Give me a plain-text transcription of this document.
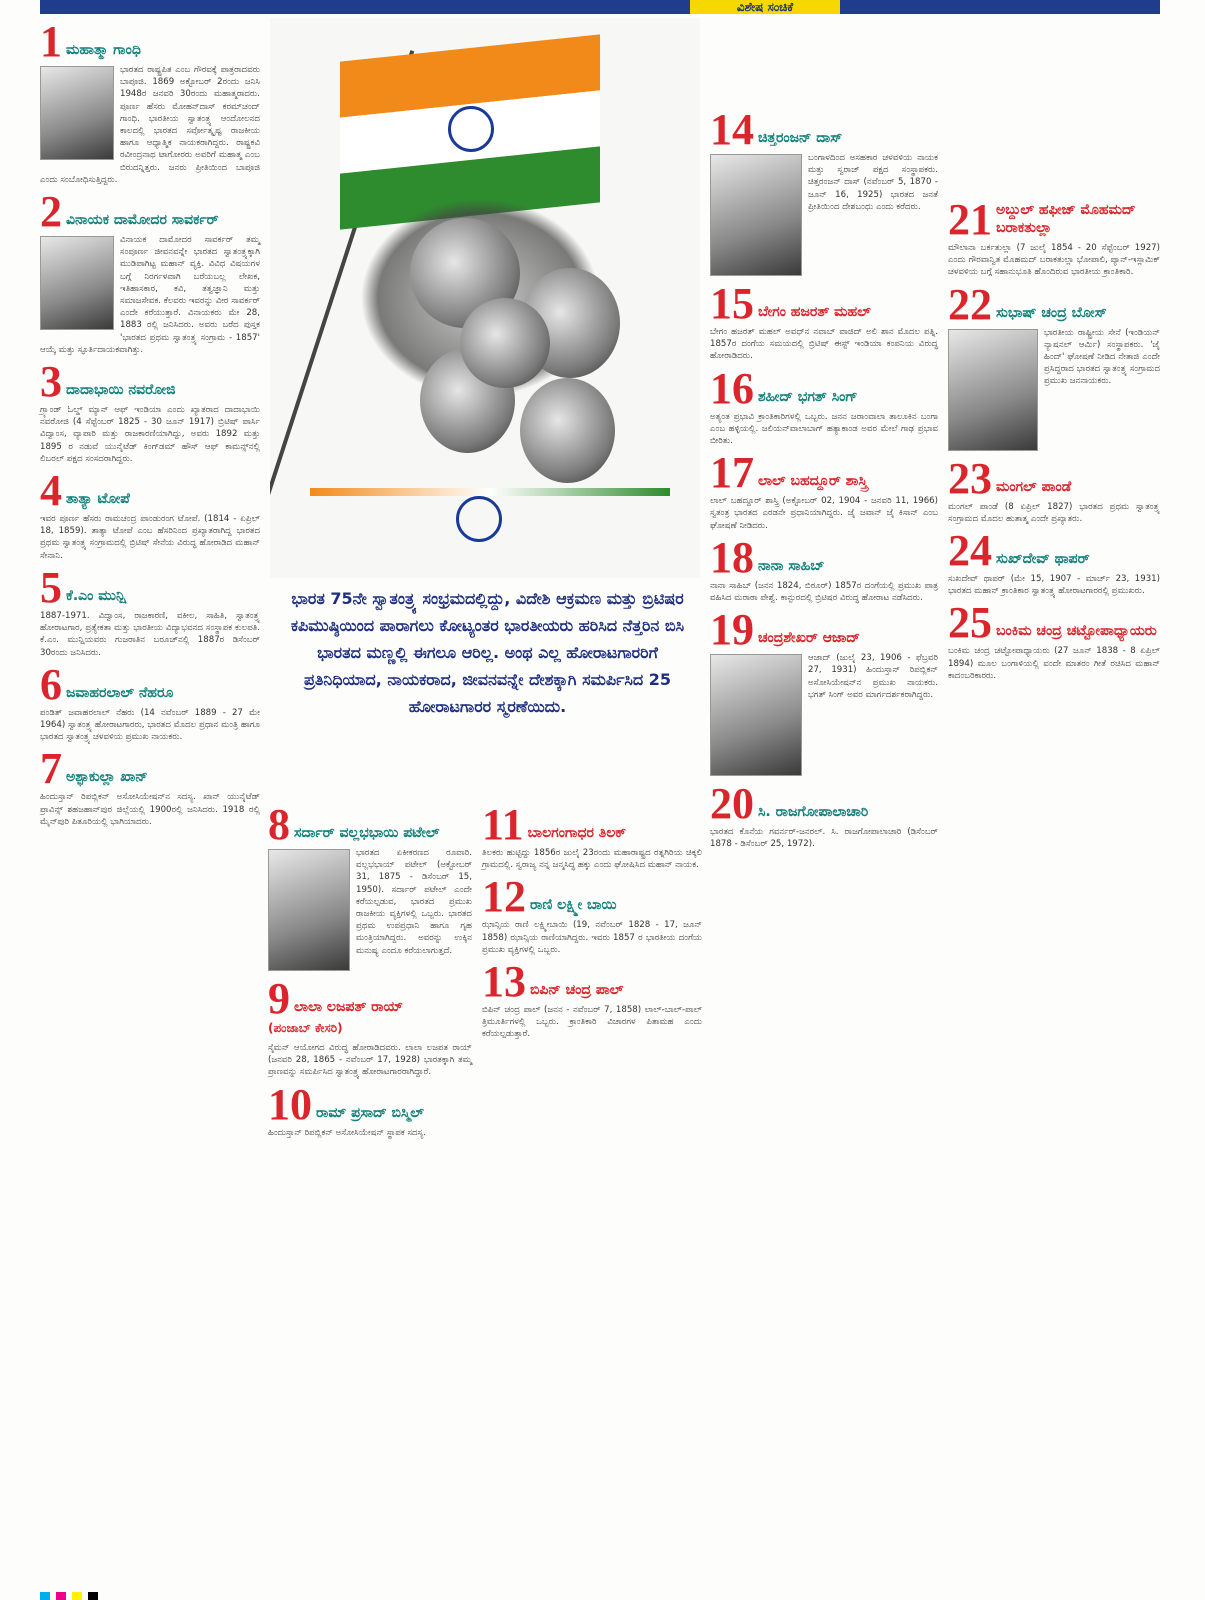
ವಿಶೇಷ ಸಂಚಿಕೆ
1 ಮಹಾತ್ಮಾ ಗಾಂಧಿ
ಭಾರತದ ರಾಷ್ಟ್ರಪಿತ ಎಂಬ ಗೌರವಕ್ಕೆ ಪಾತ್ರರಾದವರು ಬಾಪೂಜಿ. 1869 ಅಕ್ಟೋಬರ್ 2ರಂದು ಜನಿಸಿ 1948ರ ಜನವರಿ 30ರಂದು ಮಹಾತ್ಮರಾದರು. ಪೂರ್ಣ ಹೆಸರು ಮೋಹನ್‌ದಾಸ್ ಕರಮ್‌ಚಂದ್ ಗಾಂಧಿ. ಭಾರತೀಯ ಸ್ವಾತಂತ್ರ್ಯ ಆಂದೋಲನದ ಕಾಲದಲ್ಲಿ ಭಾರತದ ಸರ್ವೋತ್ಕೃಷ್ಟ ರಾಜಕೀಯ ಹಾಗೂ ಆಧ್ಯಾತ್ಮಿಕ ನಾಯಕರಾಗಿದ್ದರು. ರಾಷ್ಟ್ರಕವಿ ರವೀಂದ್ರನಾಥ ಟಾಗೋರರು ಅವರಿಗೆ ಮಹಾತ್ಮ ಎಂಬ ಬಿರುದನ್ನಿತ್ತರು. ಜನರು ಪ್ರೀತಿಯಿಂದ ಬಾಪೂಜಿ ಎಂದು ಸಂಬೋಧಿಸುತ್ತಿದ್ದರು.
2 ವಿನಾಯಕ ದಾಮೋದರ ಸಾವರ್ಕರ್
ವಿನಾಯಕ ದಾಮೋದರ ಸಾವರ್ಕರ್ ತಮ್ಮ ಸಂಪೂರ್ಣ ಜೀವನವನ್ನೇ ಭಾರತದ ಸ್ವಾತಂತ್ರ್ಯಕ್ಕಾಗಿ ಮುಡಿಪಾಗಿಟ್ಟ ಮಹಾನ್ ವ್ಯಕ್ತಿ. ವಿವಿಧ ವಿಷಯಗಳ ಬಗ್ಗೆ ನಿರರ್ಗಳವಾಗಿ ಬರೆಯಬಲ್ಲ ಲೇಖಕ, ಇತಿಹಾಸಕಾರ, ಕವಿ, ತತ್ವಜ್ಞಾನಿ ಮತ್ತು ಸಮಾಜಸೇವಕ. ಕೆಲವರು ಇವರನ್ನು ವೀರ ಸಾವರ್ಕರ್ ಎಂದೇ ಕರೆಯುತ್ತಾರೆ. ವಿನಾಯಕರು ಮೇ 28, 1883 ರಲ್ಲಿ ಜನಿಸಿದರು. ಅವರು ಬರೆದ ಪುಸ್ತಕ 'ಭಾರತದ ಪ್ರಥಮ ಸ್ವಾತಂತ್ರ್ಯ ಸಂಗ್ರಾಮ - 1857' ಆಯ್ಕೆ ಮತ್ತು ಸ್ಫೂರ್ತಿದಾಯಕವಾಗಿತ್ತು.
3 ದಾದಾಭಾಯಿ ನವರೋಜಿ
ಗ್ರ್ಯಾಂಡ್ ಓಲ್ಡ್ ಮ್ಯಾನ್ ಆಫ್ ಇಂಡಿಯಾ ಎಂದು ಖ್ಯಾತರಾದ ದಾದಾಭಾಯಿ ನವರೋಜಿ (4 ಸೆಪ್ಟೆಂಬರ್ 1825 - 30 ಜೂನ್ 1917) ಬ್ರಿಟಿಷ್ ಪಾರ್ಸಿ ವಿದ್ವಾಂಸ, ವ್ಯಾಪಾರಿ ಮತ್ತು ರಾಜಕಾರಣಿಯಾಗಿದ್ದು, ಅವರು 1892 ಮತ್ತು 1895 ರ ನಡುವೆ ಯುನೈಟೆಡ್ ಕಿಂಗ್‌ಡಮ್ ಹೌಸ್ ಆಫ್ ಕಾಮನ್ಸ್‌ನಲ್ಲಿ ಲಿಬರಲ್ ಪಕ್ಷದ ಸಂಸದರಾಗಿದ್ದರು.
4 ತಾತ್ಯಾ ಟೋಪೆ
ಇವರ ಪೂರ್ಣ ಹೆಸರು ರಾಮಚಂದ್ರ ಪಾಂಡುರಂಗ ಟೋಪೆ. (1814 - ಏಪ್ರಿಲ್ 18, 1859). ತಾತ್ಯಾ ಟೋಪೆ ಎಂಬ ಹೆಸರಿನಿಂದ ಪ್ರಖ್ಯಾತರಾಗಿದ್ದ ಭಾರತದ ಪ್ರಥಮ ಸ್ವಾತಂತ್ರ್ಯ ಸಂಗ್ರಾಮದಲ್ಲಿ ಬ್ರಿಟಿಷ್ ಸೇನೆಯ ವಿರುದ್ಧ ಹೋರಾಡಿದ ಮಹಾನ್ ಸೇನಾನಿ.
5 ಕೆ.ಎಂ ಮುನ್ಷಿ
1887-1971. ವಿದ್ವಾಂಸ, ರಾಜಕಾರಣಿ, ವಕೀಲ, ಸಾಹಿತಿ, ಸ್ವಾತಂತ್ರ್ಯ ಹೋರಾಟಗಾರ, ಪ್ರತ್ಯೇಕತಾ ಮತ್ತು ಭಾರತೀಯ ವಿದ್ಯಾಭವನದ ಸಂಸ್ಥಾಪಕ ಕುಲಪತಿ. ಕೆ.ಎಂ. ಮುನ್ಷಿಯವರು ಗುಜರಾತಿನ ಬರೂಚ್‌ನಲ್ಲಿ 1887ರ ಡಿಸೆಂಬರ್ 30ರಂದು ಜನಿಸಿದರು.
6 ಜವಾಹರಲಾಲ್ ನೆಹರೂ
ಪಂಡಿತ್ ಜವಾಹರಲಾಲ್ ನೆಹರು (14 ನವೆಂಬರ್ 1889 - 27 ಮೇ 1964) ಸ್ವಾತಂತ್ರ್ಯ ಹೋರಾಟಗಾರರು, ಭಾರತದ ಮೊದಲ ಪ್ರಧಾನ ಮಂತ್ರಿ ಹಾಗೂ ಭಾರತದ ಸ್ವಾತಂತ್ರ್ಯ ಚಳವಳಿಯ ಪ್ರಮುಖ ನಾಯಕರು.
7 ಅಶ್ಫಾಕುಲ್ಲಾ ಖಾನ್
ಹಿಂದುಸ್ತಾನ್ ರಿಪಬ್ಲಿಕನ್ ಅಸೋಸಿಯೇಷನ್‌ನ ಸದಸ್ಯ. ಖಾನ್ ಯುನೈಟೆಡ್ ಪ್ರಾವಿನ್ಸ್ ಶಹಜಹಾನ್‌ಪುರ ಜಿಲ್ಲೆಯಲ್ಲಿ 1900ರಲ್ಲಿ ಜನಿಸಿದರು. 1918 ರಲ್ಲಿ ಮೈನ್‌ಪುರಿ ಪಿತೂರಿಯಲ್ಲಿ ಭಾಗಿಯಾದರು.
ಭಾರತ 75ನೇ ಸ್ವಾತಂತ್ರ್ಯ ಸಂಭ್ರಮದಲ್ಲಿದ್ದು, ವಿದೇಶಿ ಆಕ್ರಮಣ ಮತ್ತು ಬ್ರಿಟಿಷರ ಕಪಿಮುಷ್ಠಿಯಿಂದ ಪಾರಾಗಲು ಕೋಟ್ಯಂತರ ಭಾರತೀಯರು ಹರಿಸಿದ ನೆತ್ತರಿನ ಬಿಸಿ ಭಾರತದ ಮಣ್ಣಲ್ಲಿ ಈಗಲೂ ಆರಿಲ್ಲ. ಅಂಥ ಎಲ್ಲ ಹೋರಾಟಗಾರರಿಗೆ ಪ್ರತಿನಿಧಿಯಾದ, ನಾಯಕರಾದ, ಜೀವನವನ್ನೇ ದೇಶಕ್ಕಾಗಿ ಸಮರ್ಪಿಸಿದ 25 ಹೋರಾಟಗಾರರ ಸ್ಮರಣೆಯಿದು.
8 ಸರ್ದಾರ್ ವಲ್ಲಭಭಾಯಿ ಪಟೇಲ್
ಭಾರತದ ಏಕೀಕರಣದ ರೂವಾರಿ. ವಲ್ಲಭಭಾಯ್ ಪಟೇಲ್ (ಅಕ್ಟೋಬರ್ 31, 1875 - ಡಿಸೆಂಬರ್ 15, 1950). ಸರ್ದಾರ್ ಪಟೇಲ್ ಎಂದೇ ಕರೆಯಲ್ಪಡುವ, ಭಾರತದ ಪ್ರಮುಖ ರಾಜಕೀಯ ವ್ಯಕ್ತಿಗಳಲ್ಲಿ ಒಬ್ಬರು. ಭಾರತದ ಪ್ರಥಮ ಉಪಪ್ರಧಾನಿ ಹಾಗೂ ಗೃಹ ಮಂತ್ರಿಯಾಗಿದ್ದರು. ಅವರನ್ನು ಉಕ್ಕಿನ ಮನುಷ್ಯ ಎಂದೂ ಕರೆಯಲಾಗುತ್ತದೆ.
9 ಲಾಲಾ ಲಜಪತ್ ರಾಯ್
(ಪಂಜಾಬ್ ಕೇಸರಿ)
ಸೈಮನ್ ಆಯೋಗದ ವಿರುದ್ಧ ಹೋರಾಡಿದವರು. ಲಾಲಾ ಲಜಪತ ರಾಯ್ (ಜನವರಿ 28, 1865 - ನವೆಂಬರ್ 17, 1928) ಭಾರತಕ್ಕಾಗಿ ತಮ್ಮ ಪ್ರಾಣವನ್ನು ಸಮರ್ಪಿಸಿದ ಸ್ವಾತಂತ್ರ್ಯ ಹೋರಾಟಗಾರರಾಗಿದ್ದಾರೆ.
10 ರಾಮ್ ಪ್ರಸಾದ್ ಬಿಸ್ಮಿಲ್
ಹಿಂದುಸ್ತಾನ್ ರಿಪಬ್ಲಿಕನ್ ಅಸೋಸಿಯೇಷನ್ ಸ್ಥಾಪಕ ಸದಸ್ಯ.
11 ಬಾಲಗಂಗಾಧರ ತಿಲಕ್
ತಿಲಕರು ಹುಟ್ಟಿದ್ದು 1856ರ ಜುಲೈ 23ರಂದು ಮಹಾರಾಷ್ಟ್ರದ ರತ್ನಗಿರಿಯ ಚಿಕ್ಕಲಿ ಗ್ರಾಮದಲ್ಲಿ. ಸ್ವರಾಜ್ಯ ನನ್ನ ಜನ್ಮಸಿದ್ಧ ಹಕ್ಕು ಎಂದು ಘೋಷಿಸಿದ ಮಹಾನ್ ನಾಯಕ.
12 ರಾಣಿ ಲಕ್ಷ್ಮೀ ಬಾಯಿ
ಝಾನ್ಸಿಯ ರಾಣಿ ಲಕ್ಷ್ಮೀಬಾಯಿ (19, ನವೆಂಬರ್ 1828 - 17, ಜೂನ್ 1858) ಝಾನ್ಸಿಯ ರಾಣಿಯಾಗಿದ್ದರು. ಇವರು 1857 ರ ಭಾರತೀಯ ದಂಗೆಯ ಪ್ರಮುಖ ವ್ಯಕ್ತಿಗಳಲ್ಲಿ ಒಬ್ಬರು.
13 ಬಿಪಿನ್ ಚಂದ್ರ ಪಾಲ್
ಬಿಪಿನ್ ಚಂದ್ರ ಪಾಲ್ (ಜನನ - ನವೆಂಬರ್ 7, 1858) ಲಾಲ್-ಬಾಲ್-ಪಾಲ್ ತ್ರಿಮೂರ್ತಿಗಳಲ್ಲಿ ಒಬ್ಬರು. ಕ್ರಾಂತಿಕಾರಿ ವಿಚಾರಗಳ ಪಿತಾಮಹ ಎಂದು ಕರೆಯಲ್ಪಡುತ್ತಾರೆ.
14 ಚಿತ್ತರಂಜನ್ ದಾಸ್
ಬಂಗಾಳದಿಂದ ಅಸಹಕಾರ ಚಳವಳಿಯ ನಾಯಕ ಮತ್ತು ಸ್ವರಾಜ್ ಪಕ್ಷದ ಸಂಸ್ಥಾಪಕರು. ಚಿತ್ತರಂಜನ್ ದಾಸ್ (ನವೆಂಬರ್ 5, 1870 - ಜೂನ್ 16, 1925) ಭಾರತದ ಜನತೆ ಪ್ರೀತಿಯಿಂದ ದೇಶಬಂಧು ಎಂದು ಕರೆದರು.
15 ಬೇಗಂ ಹಜರತ್ ಮಹಲ್
ಬೇಗಂ ಹಜರತ್ ಮಹಲ್ ಅವಧ್‌ನ ನವಾಬ್ ವಾಜಿದ್ ಅಲಿ ಶಾನ ಮೊದಲ ಪತ್ನಿ. 1857ರ ದಂಗೆಯ ಸಮಯದಲ್ಲಿ ಬ್ರಿಟಿಷ್ ಈಸ್ಟ್ ಇಂಡಿಯಾ ಕಂಪನಿಯ ವಿರುದ್ಧ ಹೋರಾಡಿದರು.
16 ಶಹೀದ್ ಭಗತ್ ಸಿಂಗ್
ಅತ್ಯಂತ ಪ್ರಭಾವಿ ಕ್ರಾಂತಿಕಾರಿಗಳಲ್ಲಿ ಒಬ್ಬರು. ಜನನ ಜರಾಂವಾಲಾ ತಾಲೂಕಿನ ಬಂಗಾ ಎಂಬ ಹಳ್ಳಿಯಲ್ಲಿ. ಜಲಿಯನ್‌ವಾಲಾಬಾಗ್ ಹತ್ಯಾಕಾಂಡ ಅವರ ಮೇಲೆ ಗಾಢ ಪ್ರಭಾವ ಬೀರಿತು.
17 ಲಾಲ್ ಬಹದ್ದೂರ್ ಶಾಸ್ತ್ರಿ
ಲಾಲ್ ಬಹದ್ದೂರ್ ಶಾಸ್ತ್ರಿ (ಅಕ್ಟೋಬರ್ 02, 1904 - ಜನವರಿ 11, 1966) ಸ್ವತಂತ್ರ ಭಾರತದ ಎರಡನೇ ಪ್ರಧಾನಿಯಾಗಿದ್ದರು. ಜೈ ಜವಾನ್ ಜೈ ಕಿಸಾನ್ ಎಂಬ ಘೋಷಣೆ ನೀಡಿದರು.
18 ನಾನಾ ಸಾಹಿಬ್
ನಾನಾ ಸಾಹಿಬ್ (ಜನನ 1824, ಬಿಠೂರ್) 1857ರ ದಂಗೆಯಲ್ಲಿ ಪ್ರಮುಖ ಪಾತ್ರ ವಹಿಸಿದ ಮರಾಠಾ ಪೇಶ್ವೆ. ಕಾನ್ಪುರದಲ್ಲಿ ಬ್ರಿಟಿಷರ ವಿರುದ್ಧ ಹೋರಾಟ ನಡೆಸಿದರು.
19 ಚಂದ್ರಶೇಖರ್ ಆಜಾದ್
ಆಜಾದ್ (ಜುಲೈ 23, 1906 - ಫೆಬ್ರವರಿ 27, 1931) ಹಿಂದುಸ್ತಾನ್ ರಿಪಬ್ಲಿಕನ್ ಅಸೋಸಿಯೇಷನ್‌ನ ಪ್ರಮುಖ ನಾಯಕರು. ಭಗತ್ ಸಿಂಗ್ ಅವರ ಮಾರ್ಗದರ್ಶಕರಾಗಿದ್ದರು.
20 ಸಿ. ರಾಜಗೋಪಾಲಾಚಾರಿ
ಭಾರತದ ಕೊನೆಯ ಗವರ್ನರ್-ಜನರಲ್. ಸಿ. ರಾಜಗೋಪಾಲಾಚಾರಿ (ಡಿಸೆಂಬರ್ 1878 - ಡಿಸೆಂಬರ್ 25, 1972).
21 ಅಬ್ದುಲ್ ಹಫೀಜ್ ಮೊಹಮದ್ ಬರಾಕತುಲ್ಲಾ
ಮೌಲಾನಾ ಬರ್ಕತುಲ್ಲಾ (7 ಜುಲೈ 1854 - 20 ಸೆಪ್ಟೆಂಬರ್ 1927) ಎಂದು ಗೌರವಾನ್ವಿತ ಮೊಹಮದ್ ಬರಾಕತುಲ್ಲಾ ಭೋಪಾಲಿ, ಪ್ಯಾನ್-ಇಸ್ಲಾಮಿಕ್ ಚಳವಳಿಯ ಬಗ್ಗೆ ಸಹಾನುಭೂತಿ ಹೊಂದಿರುವ ಭಾರತೀಯ ಕ್ರಾಂತಿಕಾರಿ.
22 ಸುಭಾಷ್ ಚಂದ್ರ ಬೋಸ್
ಭಾರತೀಯ ರಾಷ್ಟ್ರೀಯ ಸೇನೆ (ಇಂಡಿಯನ್ ನ್ಯಾಷನಲ್ ಆರ್ಮಿ) ಸಂಸ್ಥಾಪಕರು. 'ಜೈ ಹಿಂದ್' ಘೋಷಣೆ ನೀಡಿದ ನೇತಾಜಿ ಎಂದೇ ಪ್ರಸಿದ್ಧರಾದ ಭಾರತದ ಸ್ವಾತಂತ್ರ್ಯ ಸಂಗ್ರಾಮದ ಪ್ರಮುಖ ಜನನಾಯಕರು.
23 ಮಂಗಲ್ ಪಾಂಡೆ
ಮಂಗಲ್ ಪಾಂಡೆ (8 ಏಪ್ರಿಲ್ 1827) ಭಾರತದ ಪ್ರಥಮ ಸ್ವಾತಂತ್ರ್ಯ ಸಂಗ್ರಾಮದ ಮೊದಲ ಹುತಾತ್ಮ ಎಂದೇ ಪ್ರಖ್ಯಾತರು.
24 ಸುಖ್‌ದೇವ್ ಥಾಪರ್
ಸುಖದೇವ್ ಥಾಪರ್ (ಮೇ 15, 1907 - ಮಾರ್ಚ್ 23, 1931) ಭಾರತದ ಮಹಾನ್ ಕ್ರಾಂತಿಕಾರ ಸ್ವಾತಂತ್ರ್ಯ ಹೋರಾಟಗಾರರಲ್ಲಿ ಪ್ರಮುಖರು.
25 ಬಂಕಿಮ ಚಂದ್ರ ಚಟ್ಟೋಪಾಧ್ಯಾಯರು
ಬಂಕಿಮ ಚಂದ್ರ ಚಟ್ಟೋಪಾಧ್ಯಾಯರು (27 ಜೂನ್ 1838 - 8 ಏಪ್ರಿಲ್ 1894) ಮೂಲ ಬಂಗಾಳಿಯಲ್ಲಿ ವಂದೇ ಮಾತರಂ ಗೀತೆ ರಚಿಸಿದ ಮಹಾನ್ ಕಾದಂಬರಿಕಾರರು.
